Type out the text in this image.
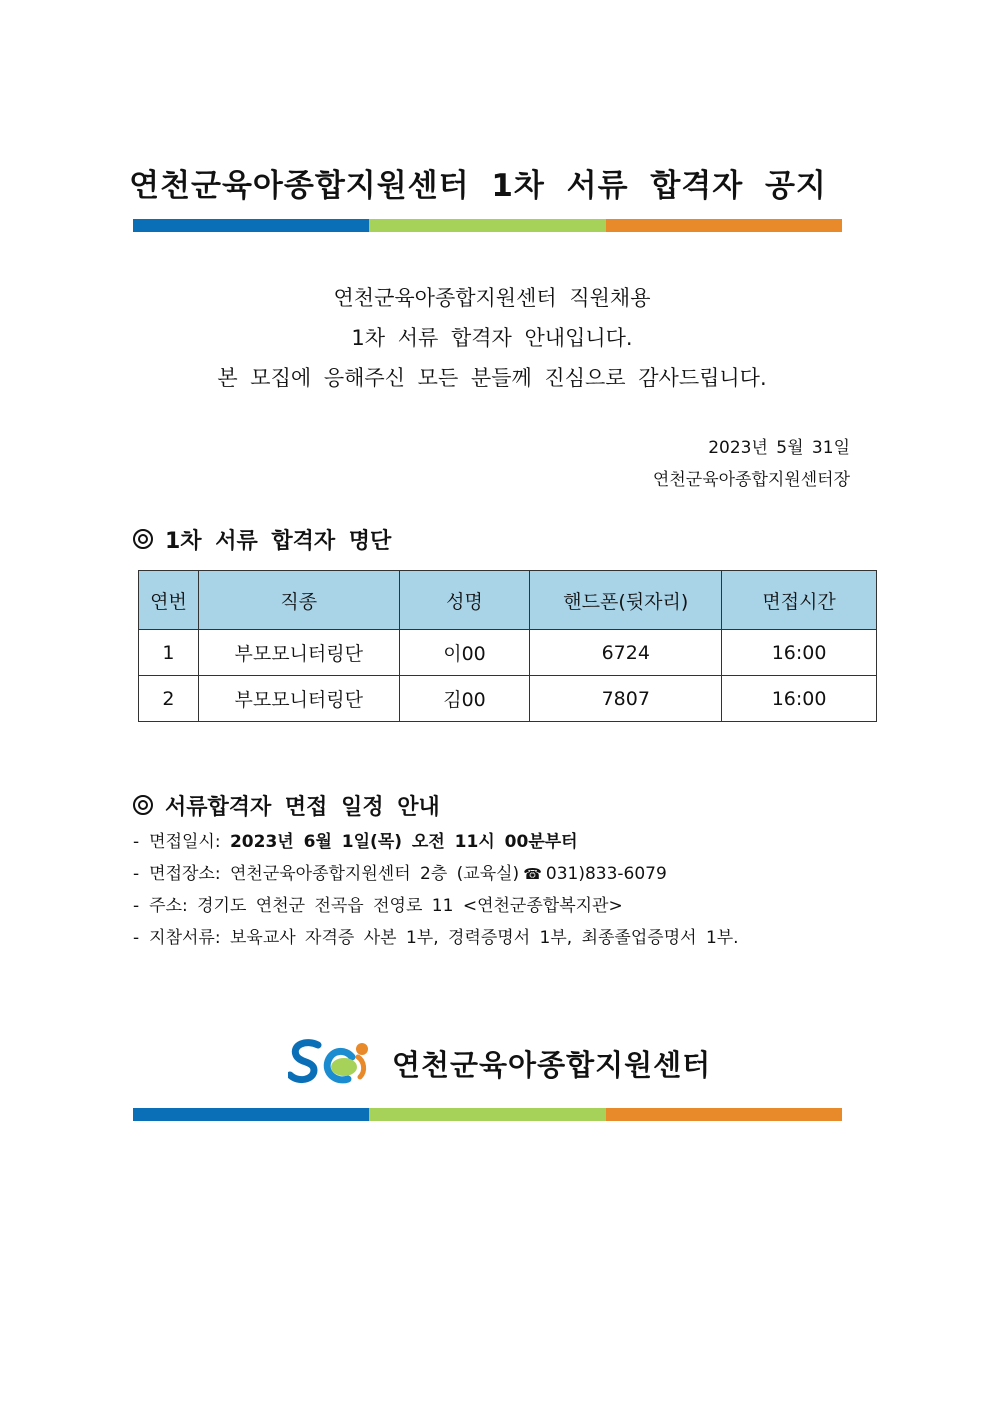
연천군육아종합지원센터 1차 서류 합격자 공지
연천군육아종합지원센터 직원채용
1차 서류 합격자 안내입니다.
본 모집에 응해주신 모든 분들께 진심으로 감사드립니다.
2023년 5월 31일
연천군육아종합지원센터장
1차 서류 합격자 명단
연번	직종	성명	핸드폰(뒷자리)	면접시간
1	부모모니터링단	이00	6724	16:00
2	부모모니터링단	김00	7807	16:00
서류합격자 면접 일정 안내
- 면접일시: 2023년 6월 1일(목) 오전 11시 00분부터
- 면접장소: 연천군육아종합지원센터 2층 (교육실) ☎ 031)833-6079
- 주소: 경기도 연천군 전곡읍 전영로 11 <연천군종합복지관>
- 지참서류: 보육교사 자격증 사본 1부, 경력증명서 1부, 최종졸업증명서 1부.
연천군육아종합지원센터
